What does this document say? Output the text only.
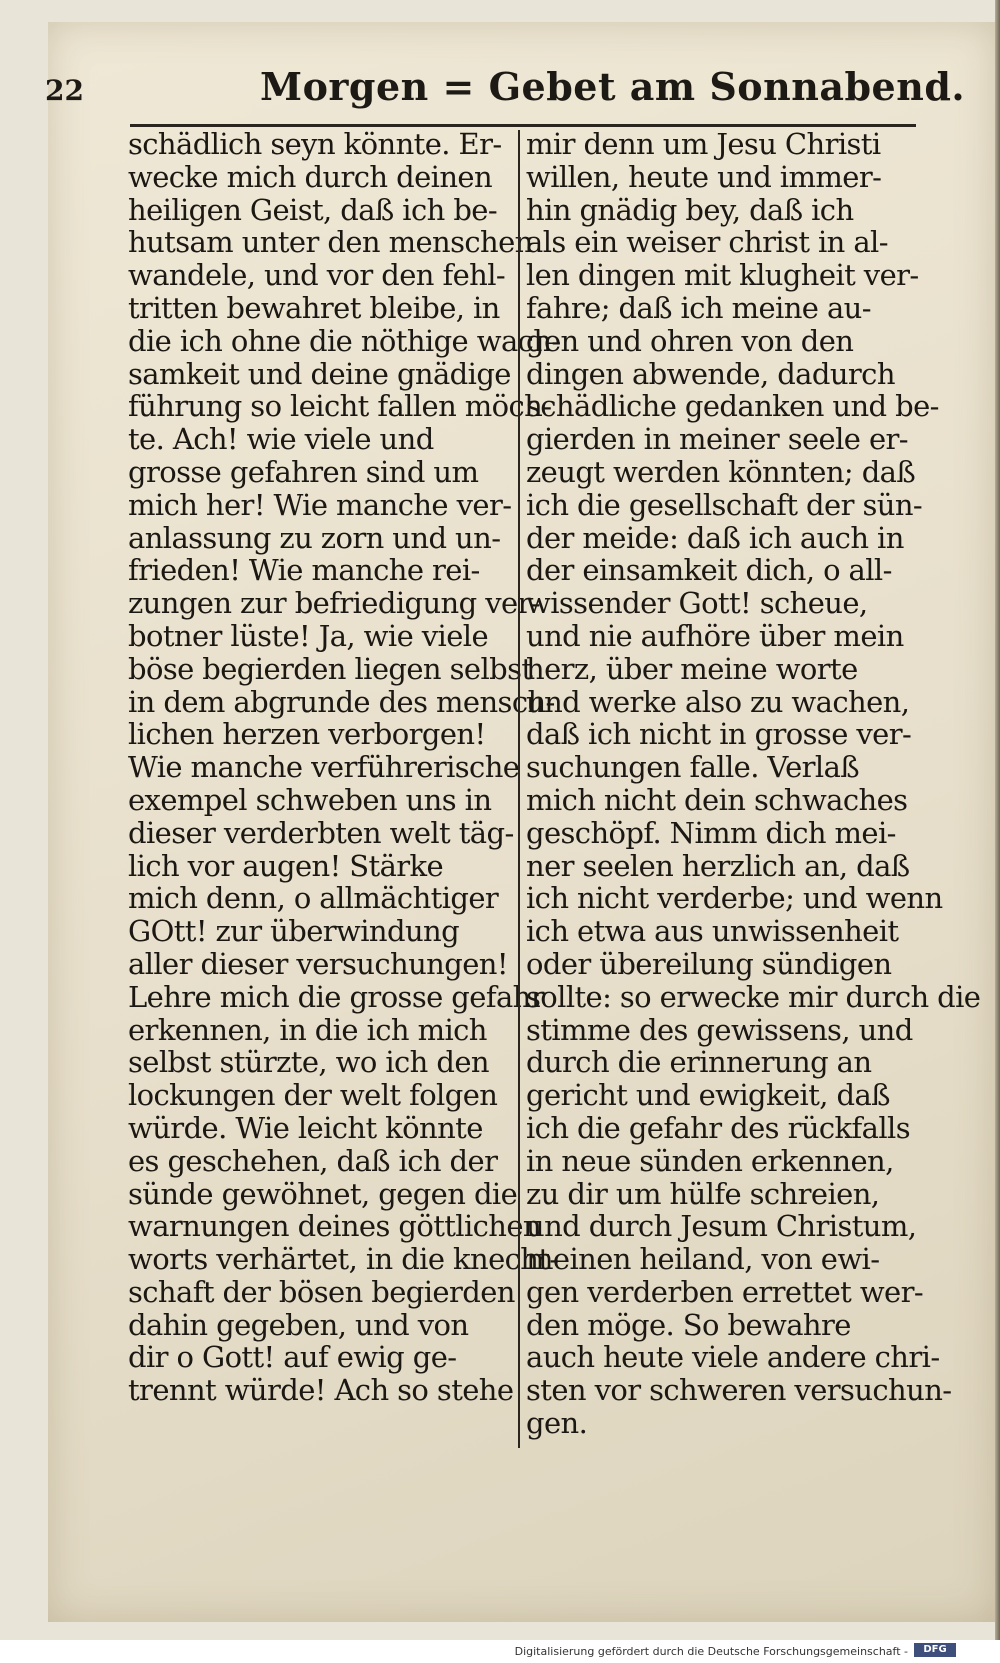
22	Morgen = Gebet am Sonnabend.
schädlich seyn könnte. Er-
wecke mich durch deinen
heiligen Geist, daß ich be-
hutsam unter den menschen
wandele, und vor den fehl-
tritten bewahret bleibe, in
die ich ohne die nöthige wach-
samkeit und deine gnädige
führung so leicht fallen möch-
te. Ach! wie viele und
grosse gefahren sind um
mich her! Wie manche ver-
anlassung zu zorn und un-
frieden! Wie manche rei-
zungen zur befriedigung ver-
botner lüste! Ja, wie viele
böse begierden liegen selbst
in dem abgrunde des mensch-
lichen herzen verborgen!
Wie manche verführerische
exempel schweben uns in
dieser verderbten welt täg-
lich vor augen! Stärke
mich denn, o allmächtiger
GOtt! zur überwindung
aller dieser versuchungen!
Lehre mich die grosse gefahr
erkennen, in die ich mich
selbst stürzte, wo ich den
lockungen der welt folgen
würde. Wie leicht könnte
es geschehen, daß ich der
sünde gewöhnet, gegen die
warnungen deines göttlichen
worts verhärtet, in die knecht-
schaft der bösen begierden
dahin gegeben, und von
dir o Gott! auf ewig ge-
trennt würde! Ach so stehe
mir denn um Jesu Christi
willen, heute und immer-
hin gnädig bey, daß ich
als ein weiser christ in al-
len dingen mit klugheit ver-
fahre; daß ich meine au-
gen und ohren von den
dingen abwende, dadurch
schädliche gedanken und be-
gierden in meiner seele er-
zeugt werden könnten; daß
ich die gesellschaft der sün-
der meide: daß ich auch in
der einsamkeit dich, o all-
wissender Gott! scheue,
und nie aufhöre über mein
herz, über meine worte
und werke also zu wachen,
daß ich nicht in grosse ver-
suchungen falle. Verlaß
mich nicht dein schwaches
geschöpf. Nimm dich mei-
ner seelen herzlich an, daß
ich nicht verderbe; und wenn
ich etwa aus unwissenheit
oder übereilung sündigen
sollte: so erwecke mir durch die
stimme des gewissens, und
durch die erinnerung an
gericht und ewigkeit, daß
ich die gefahr des rückfalls
in neue sünden erkennen,
zu dir um hülfe schreien,
und durch Jesum Christum,
meinen heiland, von ewi-
gen verderben errettet wer-
den möge. So bewahre
auch heute viele andere chri-
sten vor schweren versuchun-
gen.
Digitalisierung gefördert durch die Deutsche Forschungsgemeinschaft -	DFG
